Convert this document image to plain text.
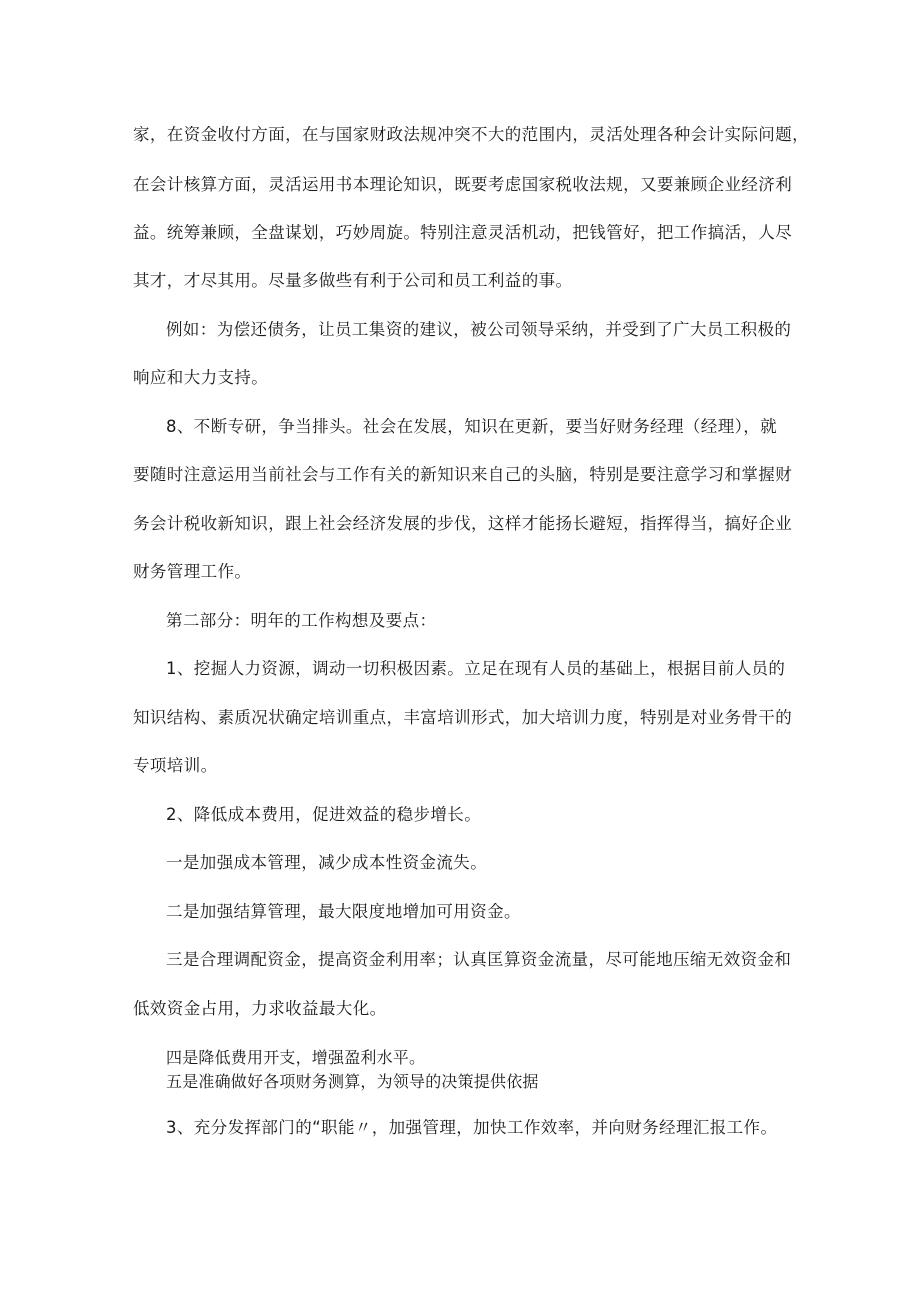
家，在资金收付方面，在与国家财政法规冲突不大的范围内，灵活处理各种会计实际问题，
在会计核算方面，灵活运用书本理论知识，既要考虑国家税收法规，又要兼顾企业经济利
益。统筹兼顾，全盘谋划，巧妙周旋。特别注意灵活机动，把钱管好，把工作搞活，人尽
其才，才尽其用。尽量多做些有利于公司和员工利益的事。
例如：为偿还债务，让员工集资的建议，被公司领导采纳，并受到了广大员工积极的
响应和大力支持。
8、不断专研，争当排头。社会在发展，知识在更新，要当好财务经理（经理），就
要随时注意运用当前社会与工作有关的新知识来自己的头脑，特别是要注意学习和掌握财
务会计税收新知识，跟上社会经济发展的步伐，这样才能扬长避短，指挥得当，搞好企业
财务管理工作。
第二部分：明年的工作构想及要点：
1、挖掘人力资源，调动一切积极因素。立足在现有人员的基础上，根据目前人员的
知识结构、素质况状确定培训重点，丰富培训形式，加大培训力度，特别是对业务骨干的
专项培训。
2、降低成本费用，促进效益的稳步增长。
一是加强成本管理，减少成本性资金流失。
二是加强结算管理，最大限度地增加可用资金。
三是合理调配资金，提高资金利用率；认真匡算资金流量，尽可能地压缩无效资金和
低效资金占用，力求收益最大化。
四是降低费用开支，增强盈利水平。
五是准确做好各项财务测算，为领导的决策提供依据
3、充分发挥部门的“职能〃，加强管理，加快工作效率，并向财务经理汇报工作。
